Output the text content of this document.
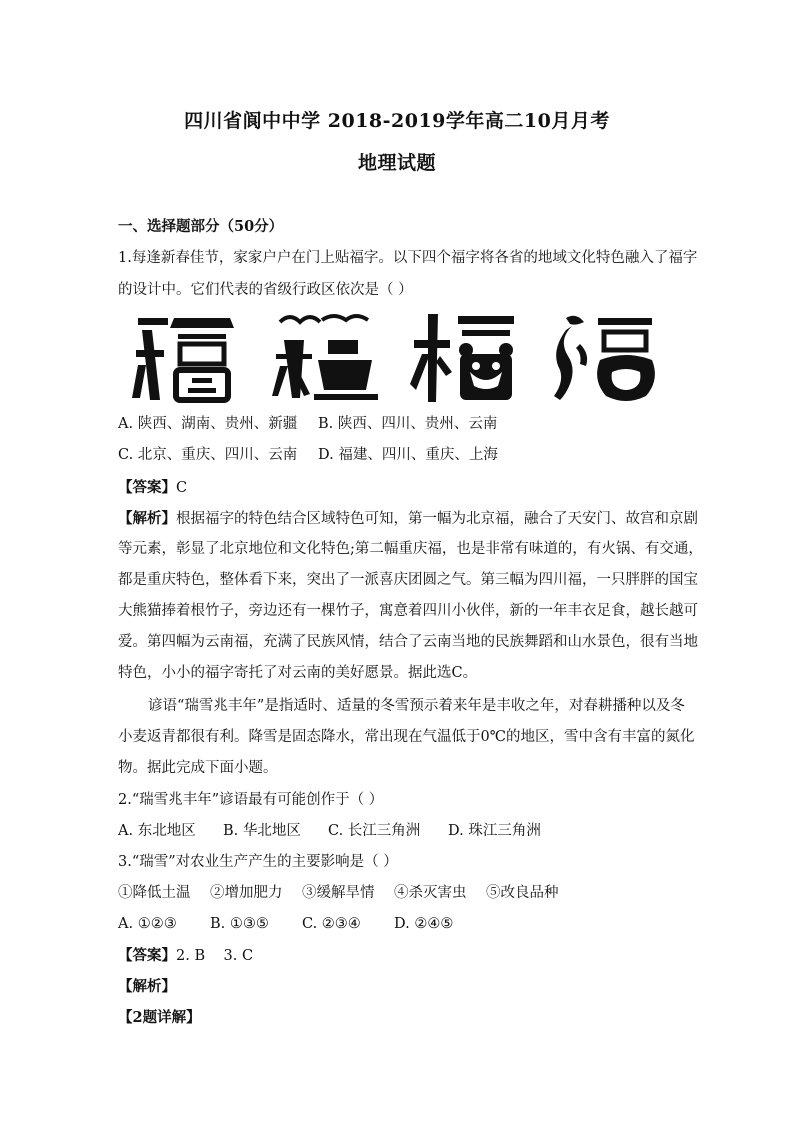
四川省阆中中学 2018-2019学年高二10月月考
地理试题
一、选择题部分（50分）
1.每逢新春佳节，家家户户在门上贴福字。以下四个福字将各省的地域文化特色融入了福字
的设计中。它们代表的省级行政区依次是（ ）
A. 陕西、湖南、贵州、新疆 B. 陕西、四川、贵州、云南
C. 北京、重庆、四川、云南 D. 福建、四川、重庆、上海
【答案】C
【解析】根据福字的特色结合区域特色可知，第一幅为北京福，融合了天安门、故宫和京剧
等元素，彰显了北京地位和文化特色;第二幅重庆福，也是非常有味道的，有火锅、有交通，
都是重庆特色，整体看下来，突出了一派喜庆团圆之气。第三幅为四川福，一只胖胖的国宝
大熊猫捧着根竹子，旁边还有一棵竹子，寓意着四川小伙伴，新的一年丰衣足食，越长越可
爱。第四幅为云南福，充满了民族风情，结合了云南当地的民族舞蹈和山水景色，很有当地
特色，小小的福字寄托了对云南的美好愿景。据此选C。
谚语“瑞雪兆丰年”是指适时、适量的冬雪预示着来年是丰收之年，对春耕播种以及冬
小麦返青都很有利。降雪是固态降水，常出现在气温低于0℃的地区，雪中含有丰富的氮化
物。据此完成下面小题。
2.“瑞雪兆丰年”谚语最有可能创作于（ ）
A. 东北地区 B. 华北地区 C. 长江三角洲 D. 珠江三角洲
3.“瑞雪”对农业生产产生的主要影响是（ ）
①降低土温 ②增加肥力 ③缓解旱情 ④杀灭害虫 ⑤改良品种
A. ①②③ B. ①③⑤ C. ②③④ D. ②④⑤
【答案】2. B    3. C
【解析】
【2题详解】
